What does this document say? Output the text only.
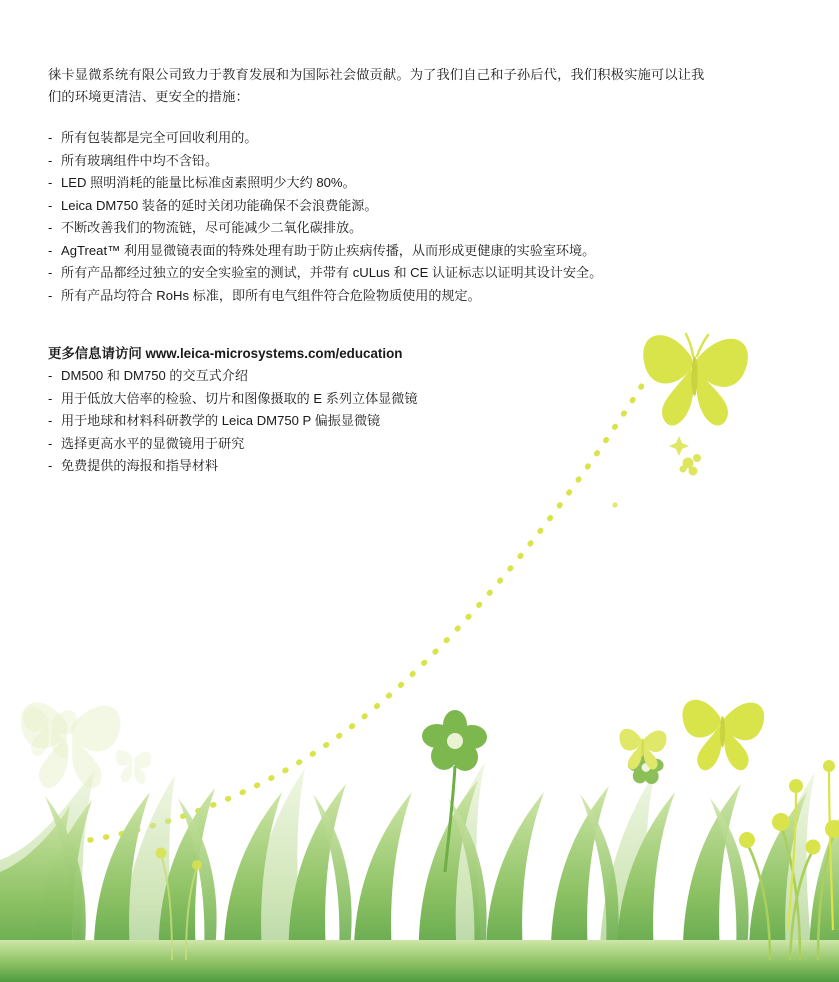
徕卡显微系统有限公司致力于教育发展和为国际社会做贡献。为了我们自己和子孙后代，我们积极实施可以让我们的环境更清洁、更安全的措施：

- 所有包装都是完全可回收利用的。
- 所有玻璃组件中均不含铅。
- LED 照明消耗的能量比标准卤素照明少大约 80%。
- Leica DM750 装备的延时关闭功能确保不会浪费能源。
- 不断改善我们的物流链，尽可能减少二氧化碳排放。
- AgTreat™ 利用显微镜表面的特殊处理有助于防止疾病传播，从而形成更健康的实验室环境。
- 所有产品都经过独立的安全实验室的测试，并带有 cULus 和 CE 认证标志以证明其设计安全。
- 所有产品均符合 RoHs 标准，即所有电气组件符合危险物质使用的规定。
更多信息请访问 www.leica-microsystems.com/education
- DM500 和 DM750 的交互式介绍
- 用于低放大倍率的检验、切片和图像摄取的 E 系列立体显微镜
- 用于地球和材料科研教学的 Leica DM750 P 偏振显微镜
- 选择更高水平的显微镜用于研究
- 免费提供的海报和指导材料
